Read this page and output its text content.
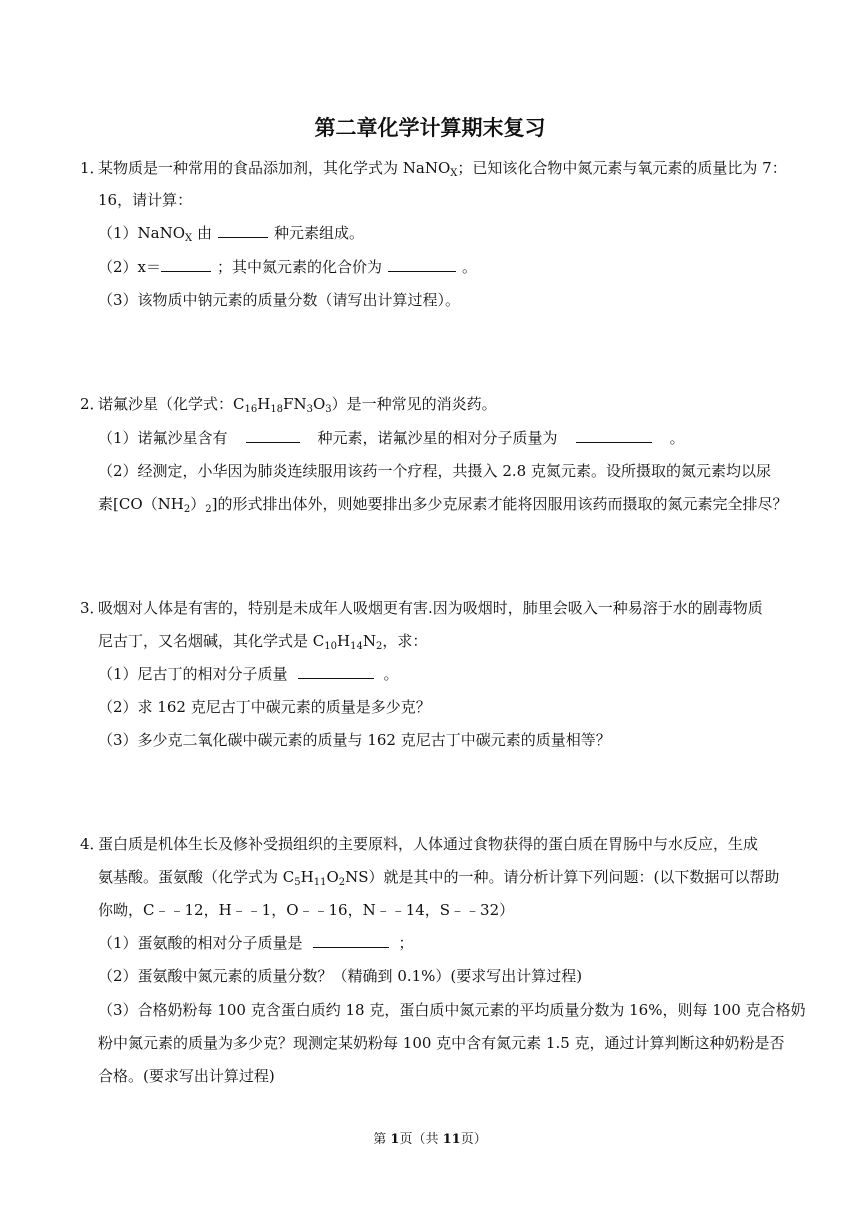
第二章化学计算期末复习
1．
某物质是一种常用的食品添加剂，其化学式为 NaNO$_X$；已知该化合物中氮元素与氧元素的质量比为 7：
16，请计算：
（1）NaNO$_X$ 由	种元素组成。
（2）x＝	；其中氮元素的化合价为	。
（3）该物质中钠元素的质量分数（请写出计算过程）。
2．
诺氟沙星（化学式：$C_{16}H_{18}FN_3O_3$）是一种常见的消炎药。
（1）诺氟沙星含有	种元素，诺氟沙星的相对分子质量为	。
（2）经测定，小华因为肺炎连续服用该药一个疗程，共摄入 2.8 克氮元素。设所摄取的氮元素均以尿
素$[CO(NH_2)_2]$的形式排出体外，则她要排出多少克尿素才能将因服用该药而摄取的氮元素完全排尽？
3．
吸烟对人体是有害的，特别是未成年人吸烟更有害.因为吸烟时，肺里会吸入一种易溶于水的剧毒物质
尼古丁，又名烟碱，其化学式是 $C_{10}H_{14}N_2$，求：
（1）尼古丁的相对分子质量	。
（2）求 162 克尼古丁中碳元素的质量是多少克？
（3）多少克二氧化碳中碳元素的质量与 162 克尼古丁中碳元素的质量相等？
4．
蛋白质是机体生长及修补受损组织的主要原料，人体通过食物获得的蛋白质在胃肠中与水反应，生成
氨基酸。蛋氨酸（化学式为 $C_5H_{11}O_2NS$）就是其中的一种。请分析计算下列问题：(以下数据可以帮助
你呦，C﹣﹣12，H﹣﹣1，O﹣﹣16，N﹣﹣14，S﹣﹣32）
（1）蛋氨酸的相对分子质量是	；
（2）蛋氨酸中氮元素的质量分数？（精确到 0.1%）(要求写出计算过程)
（3）合格奶粉每 100 克含蛋白质约 18 克，蛋白质中氮元素的平均质量分数为 16%，则每 100 克合格奶
粉中氮元素的质量为多少克？现测定某奶粉每 100 克中含有氮元素 1.5 克，通过计算判断这种奶粉是否
合格。(要求写出计算过程)
第 1页（共 11页）
